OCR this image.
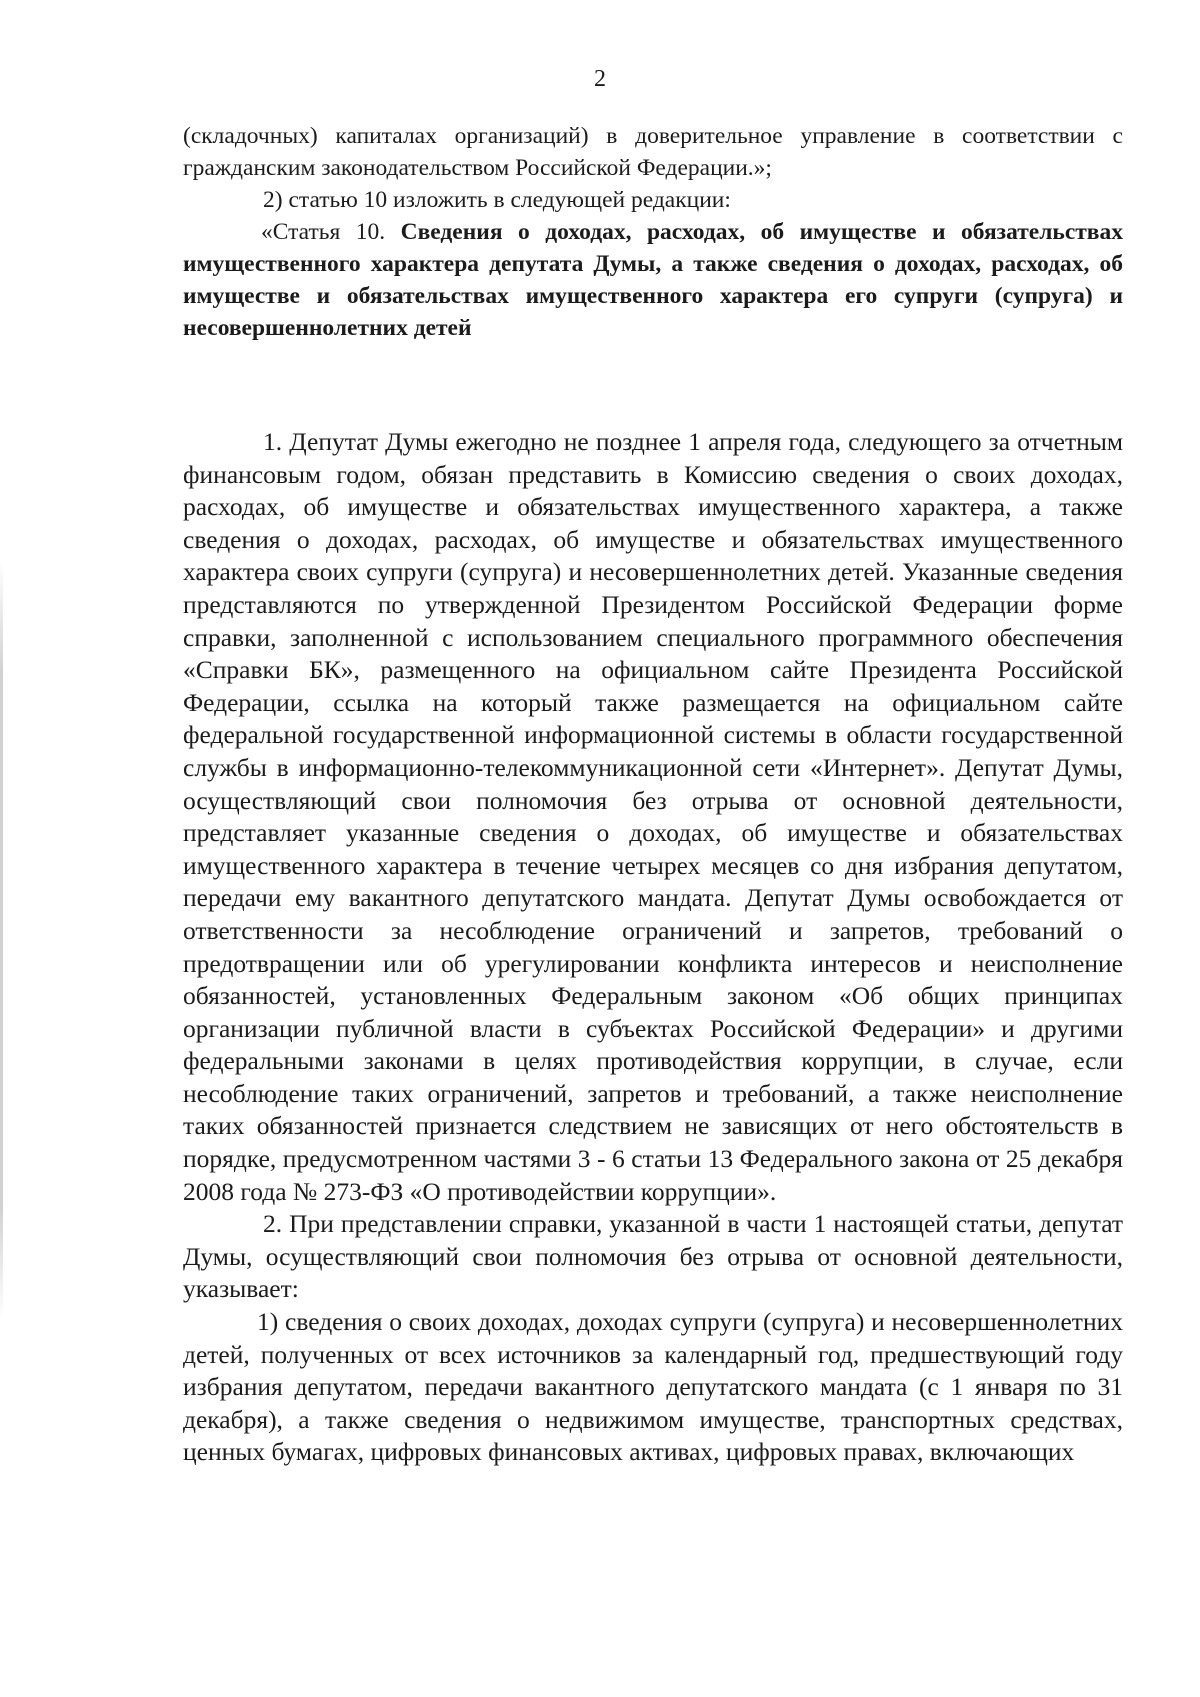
2

(складочных) капиталах организаций) в доверительное управление в соответствии с гражданским законодательством Российской Федерации.»;

2) статью 10 изложить в следующей редакции:

«Статья 10. Сведения о доходах, расходах, об имуществе и обязательствах имущественного характера депутата Думы, а также сведения о доходах, расходах, об имуществе и обязательствах имущественного характера его супруги (супруга) и несовершеннолетних детей

1. Депутат Думы ежегодно не позднее 1 апреля года, следующего за отчетным финансовым годом, обязан представить в Комиссию сведения о своих доходах, расходах, об имуществе и обязательствах имущественного характера, а также сведения о доходах, расходах, об имуществе и обязательствах имущественного характера своих супруги (супруга) и несовершеннолетних детей. Указанные сведения представляются по утвержденной Президентом Российской Федерации форме справки, заполненной с использованием специального программного обеспечения «Справки БК», размещенного на официальном сайте Президента Российской Федерации, ссылка на который также размещается на официальном сайте федеральной государственной информационной системы в области государственной службы в информационно-телекоммуникационной сети «Интернет». Депутат Думы, осуществляющий свои полномочия без отрыва от основной деятельности, представляет указанные сведения о доходах, об имуществе и обязательствах имущественного характера в течение четырех месяцев со дня избрания депутатом, передачи ему вакантного депутатского мандата. Депутат Думы освобождается от ответственности за несоблюдение ограничений и запретов, требований о предотвращении или об урегулировании конфликта интересов и неисполнение обязанностей, установленных Федеральным законом «Об общих принципах организации публичной власти в субъектах Российской Федерации» и другими федеральными законами в целях противодействия коррупции, в случае, если несоблюдение таких ограничений, запретов и требований, а также неисполнение таких обязанностей признается следствием не зависящих от него обстоятельств в порядке, предусмотренном частями 3 - 6 статьи 13 Федерального закона от 25 декабря 2008 года № 273-ФЗ «О противодействии коррупции».

2. При представлении справки, указанной в части 1 настоящей статьи, депутат Думы, осуществляющий свои полномочия без отрыва от основной деятельности, указывает:

1) сведения о своих доходах, доходах супруги (супруга) и несовершеннолетних детей, полученных от всех источников за календарный год, предшествующий году избрания депутатом, передачи вакантного депутатского мандата (с 1 января по 31 декабря), а также сведения о недвижимом имуществе, транспортных средствах, ценных бумагах, цифровых финансовых активах, цифровых правах, включающих
